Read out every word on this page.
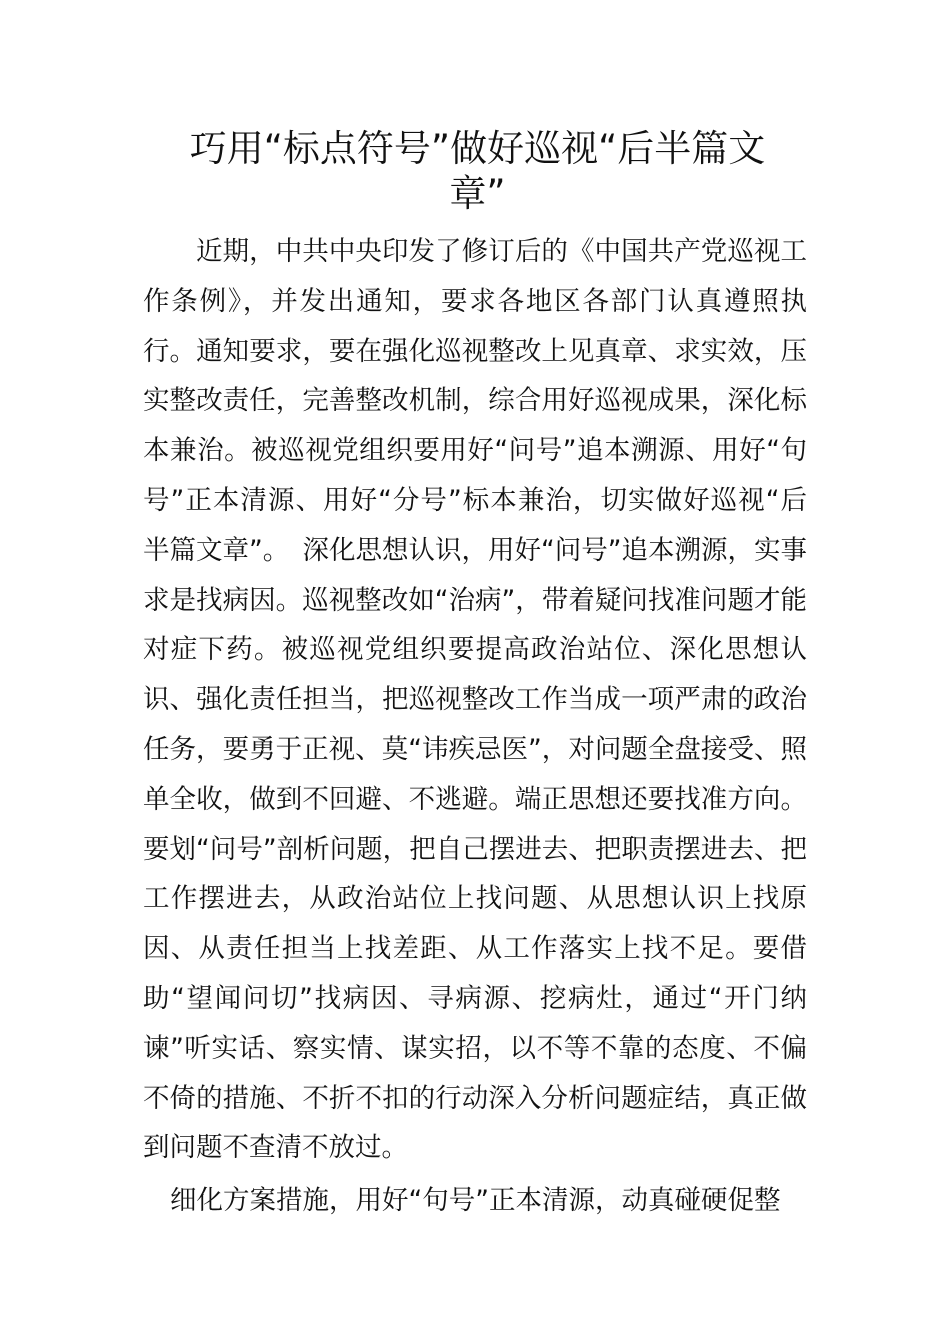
巧用“标点符号”做好巡视“后半篇文章”

近期，中共中央印发了修订后的《中国共产党巡视工作条例》，并发出通知，要求各地区各部门认真遵照执行。通知要求，要在强化巡视整改上见真章、求实效，压实整改责任，完善整改机制，综合用好巡视成果，深化标本兼治。被巡视党组织要用好“问号”追本溯源、用好“句号”正本清源、用好“分号”标本兼治，切实做好巡视“后半篇文章”。　深化思想认识，用好“问号”追本溯源，实事求是找病因。巡视整改如“治病”，带着疑问找准问题才能对症下药。被巡视党组织要提高政治站位、深化思想认识、强化责任担当，把巡视整改工作当成一项严肃的政治任务，要勇于正视、莫“讳疾忌医”，对问题全盘接受、照单全收，做到不回避、不逃避。端正思想还要找准方向。要划“问号”剖析问题，把自己摆进去、把职责摆进去、把工作摆进去，从政治站位上找问题、从思想认识上找原因、从责任担当上找差距、从工作落实上找不足。要借助“望闻问切”找病因、寻病源、挖病灶，通过“开门纳谏”听实话、察实情、谋实招，以不等不靠的态度、不偏不倚的措施、不折不扣的行动深入分析问题症结，真正做到问题不查清不放过。

细化方案措施，用好“句号”正本清源，动真碰硬促整
